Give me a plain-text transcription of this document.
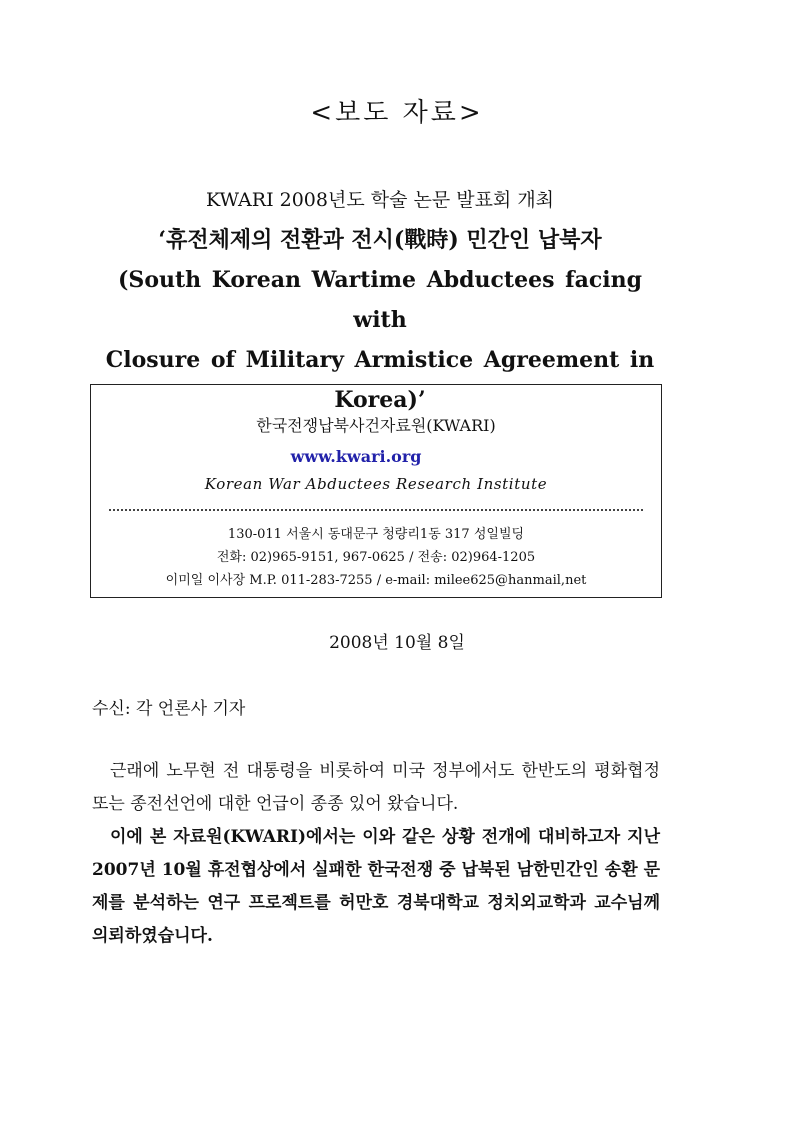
<보도 자료>
KWARI 2008년도 학술 논문 발표회 개최
‘휴전체제의 전환과 전시(戰時) 민간인 납북자
(South Korean Wartime Abductees facing with
Closure of Military Armistice Agreement in
Korea)’
한국전쟁납북사건자료원(KWARI)
www.kwari.org
Korean War Abductees Research Institute
130-011 서울시 동대문구 청량리1동 317 성일빌딩
전화: 02)965-9151, 967-0625 / 전송: 02)964-1205
이미일 이사장 M.P. 011-283-7255 / e-mail: milee625@hanmail,net
2008년 10월 8일
수신: 각 언론사 기자

근래에 노무현 전 대통령을 비롯하여 미국 정부에서도 한반도의 평화협정 또는 종전선언에 대한 언급이 종종 있어 왔습니다.

이에 본 자료원(KWARI)에서는 이와 같은 상황 전개에 대비하고자 지난 2007년 10월 휴전협상에서 실패한 한국전쟁 중 납북된 남한민간인 송환 문제를 분석하는 연구 프로젝트를 허만호 경북대학교 정치외교학과 교수님께 의뢰하였습니다.
